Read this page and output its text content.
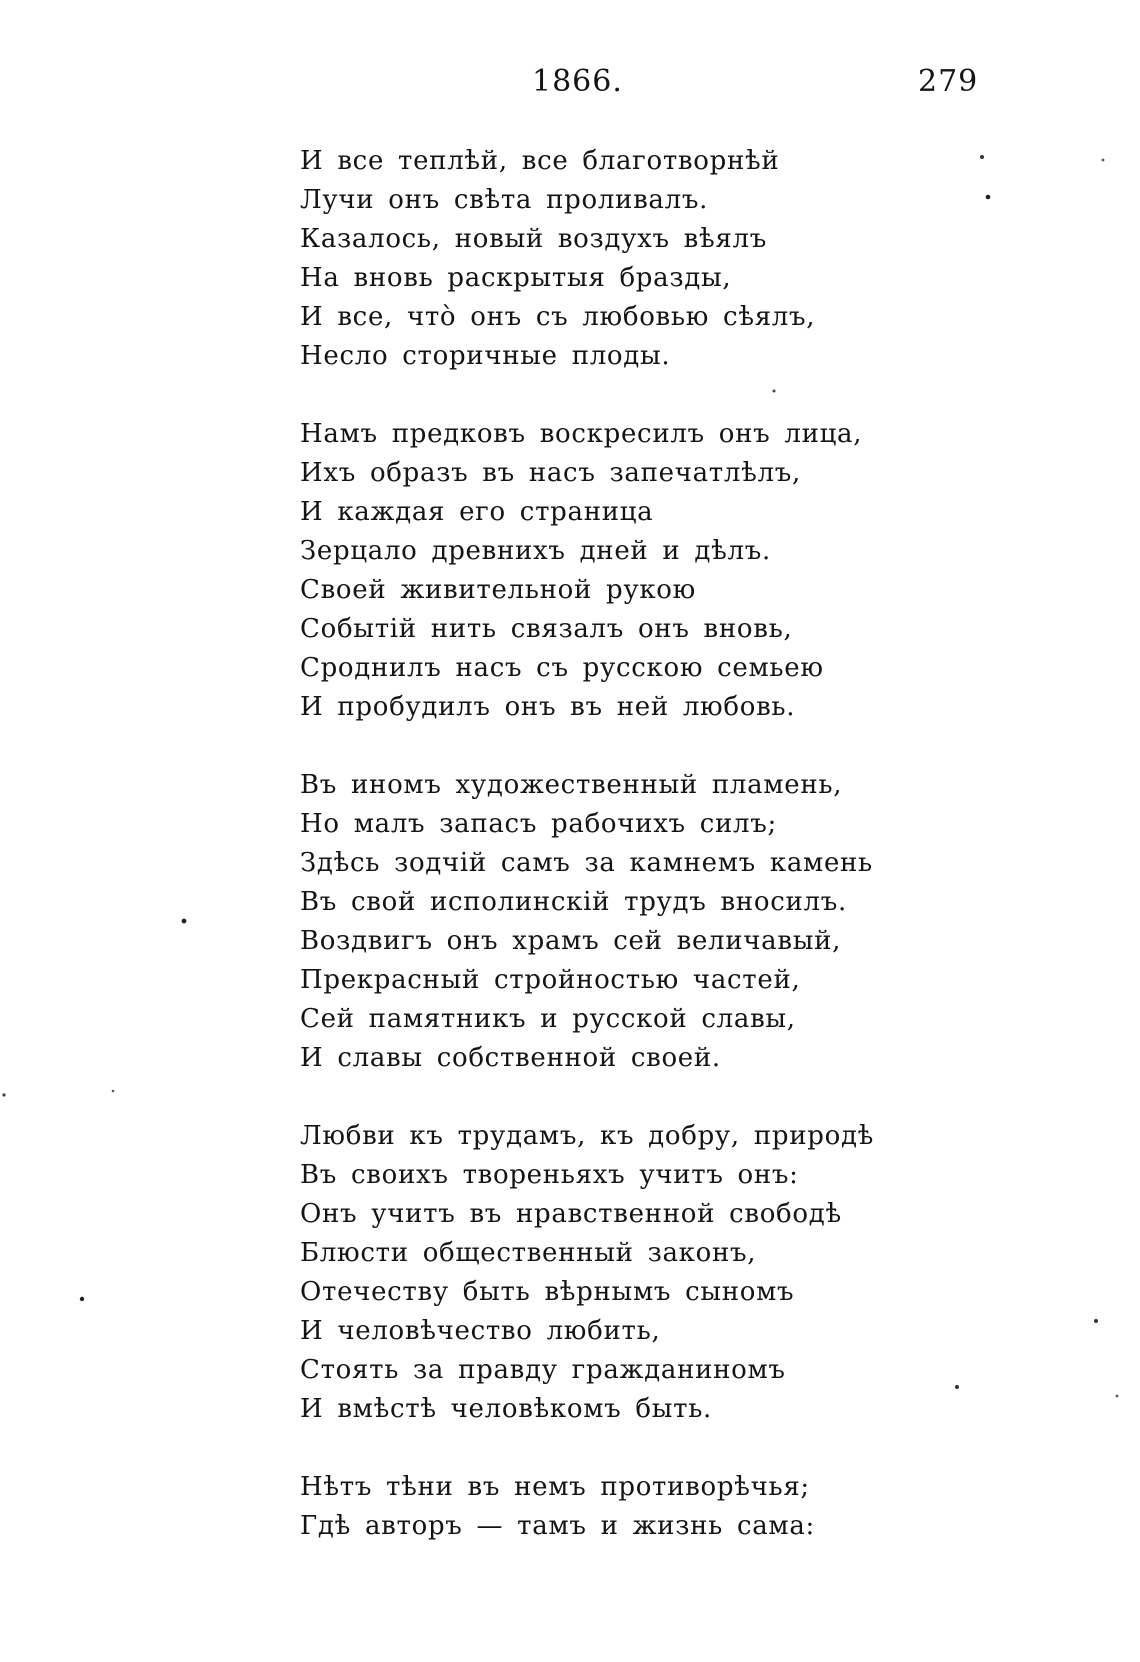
1866.	279
И все теплѣй, все благотворнѣй
Лучи онъ свѣта проливалъ.
Казалось, новый воздухъ вѣялъ
На вновь раскрытыя бразды,
И все, чтò онъ съ любовью сѣялъ,
Несло сторичные плоды.
Намъ предковъ воскресилъ онъ лица,
Ихъ образъ въ насъ запечатлѣлъ,
И каждая его страница
Зерцало древнихъ дней и дѣлъ.
Своей живительной рукою
Событій нить связалъ онъ вновь,
Сроднилъ насъ съ русскою семьею
И пробудилъ онъ въ ней любовь.
Въ иномъ художественный пламень,
Но малъ запасъ рабочихъ силъ;
Здѣсь зодчій самъ за камнемъ камень
Въ свой исполинскій трудъ вносилъ.
Воздвигъ онъ храмъ сей величавый,
Прекрасный стройностью частей,
Сей памятникъ и русской славы,
И славы собственной своей.
Любви къ трудамъ, къ добру, природѣ
Въ своихъ твореньяхъ учитъ онъ:
Онъ учитъ въ нравственной свободѣ
Блюсти общественный законъ,
Отечеству быть вѣрнымъ сыномъ
И человѣчество любить,
Стоять за правду гражданиномъ
И вмѣстѣ человѣкомъ быть.
Нѣтъ тѣни въ немъ противорѣчья;
Гдѣ авторъ — тамъ и жизнь сама:
